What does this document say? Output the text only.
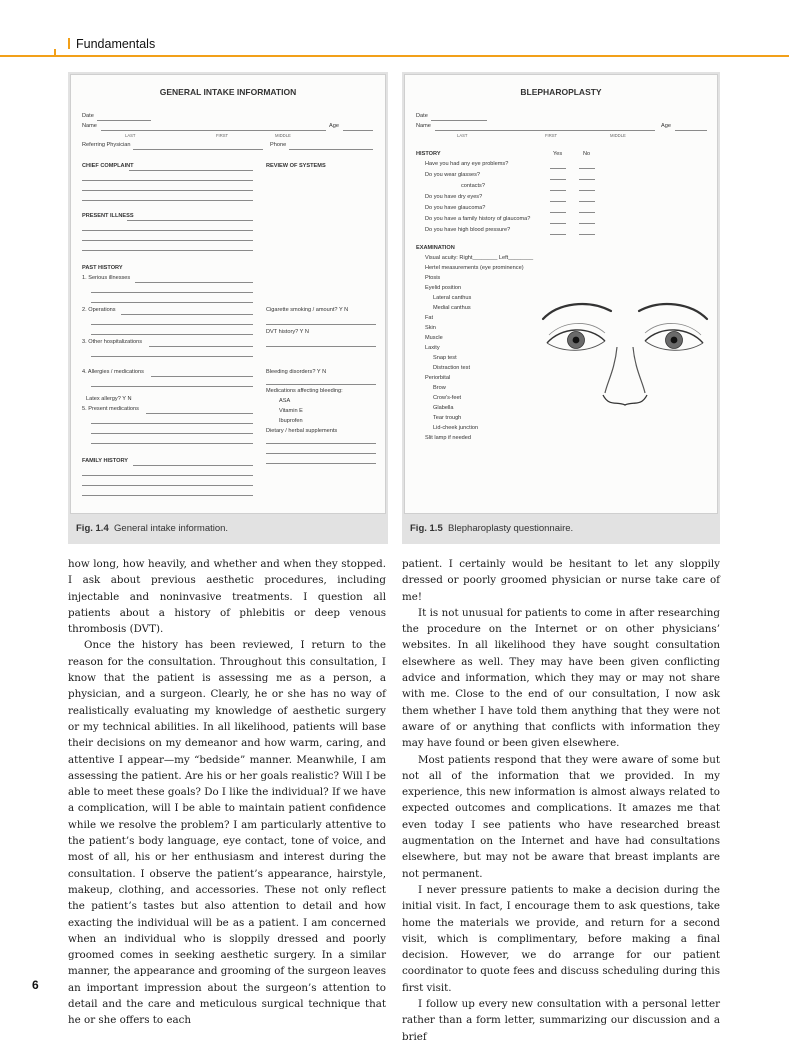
Fundamentals
GENERAL INTAKE INFORMATION
Date
Name	Age
LAST	FIRST	MIDDLE
Referring Physician	Phone
CHIEF COMPLAINT	REVIEW OF SYSTEMS
PRESENT ILLNESS
PAST HISTORY
1. Serious illnesses
2. Operations
3. Other hospitalizations
4. Allergies / medications
Latex allergy? Y N
5. Present medications
FAMILY HISTORY
Cigarette smoking / amount? Y N
DVT history? Y N
Bleeding disorders? Y N
Medications affecting bleeding:
ASA
Vitamin E
Ibuprofen
Dietary / herbal supplements
Fig. 1.4 General intake information.
BLEPHAROPLASTY
Date
Name	Age
LAST	FIRST	MIDDLE
HISTORY	Yes	No
Have you had any eye problems?
Do you wear glasses?
contacts?
Do you have dry eyes?
Do you have glaucoma?
Do you have a family history of glaucoma?
Do you have high blood pressure?
EXAMINATION
Visual acuity: Right________ Left________
Hertel measurements (eye prominence)
Ptosis
Eyelid position
Lateral canthus
Medial canthus
Fat
Skin
Muscle
Laxity
Snap test
Distraction test
Periorbital
Brow
Crow's-feet
Glabella
Tear trough
Lid-cheek junction
Slit lamp if needed
Fig. 1.5 Blepharoplasty questionnaire.

how long, how heavily, and whether and when they stopped. I ask about previous aesthetic procedures, including injectable and noninvasive treatments. I question all patients about a history of phlebitis or deep venous thrombosis (DVT).

Once the history has been reviewed, I return to the reason for the consultation. Throughout this consultation, I know that the patient is assessing me as a person, a physician, and a surgeon. Clearly, he or she has no way of realistically evaluating my knowledge of aesthetic surgery or my technical abilities. In all likelihood, patients will base their decisions on my demeanor and how warm, caring, and attentive I appear—my “bedside” manner. Meanwhile, I am assessing the patient. Are his or her goals realistic? Will I be able to meet these goals? Do I like the individual? If we have a complication, will I be able to maintain patient confidence while we resolve the problem? I am particularly attentive to the patient’s body language, eye contact, tone of voice, and most of all, his or her enthusiasm and interest during the consultation. I observe the patient’s appearance, hairstyle, makeup, clothing, and accessories. These not only reflect the patient’s tastes but also attention to detail and how exacting the individual will be as a patient. I am concerned when an individual who is sloppily dressed and poorly groomed comes in seeking aesthetic surgery. In a similar manner, the appearance and grooming of the surgeon leaves an important impression about the surgeon’s attention to detail and the care and meticulous surgical technique that he or she offers to each

patient. I certainly would be hesitant to let any sloppily dressed or poorly groomed physician or nurse take care of me!

It is not unusual for patients to come in after researching the procedure on the Internet or on other physicians’ websites. In all likelihood they have sought consultation elsewhere as well. They may have been given conflicting advice and information, which they may or may not share with me. Close to the end of our consultation, I now ask them whether I have told them anything that they were not aware of or anything that conflicts with information they may have found or been given elsewhere.

Most patients respond that they were aware of some but not all of the information that we provided. In my experience, this new information is almost always related to expected outcomes and complications. It amazes me that even today I see patients who have researched breast augmentation on the Internet and have had consultations elsewhere, but may not be aware that breast implants are not permanent.

I never pressure patients to make a decision during the initial visit. In fact, I encourage them to ask questions, take home the materials we provide, and return for a second visit, which is complimentary, before making a final decision. However, we do arrange for our patient coordinator to quote fees and discuss scheduling during this first visit.

I follow up every new consultation with a personal letter rather than a form letter, summarizing our discussion and a brief

6
